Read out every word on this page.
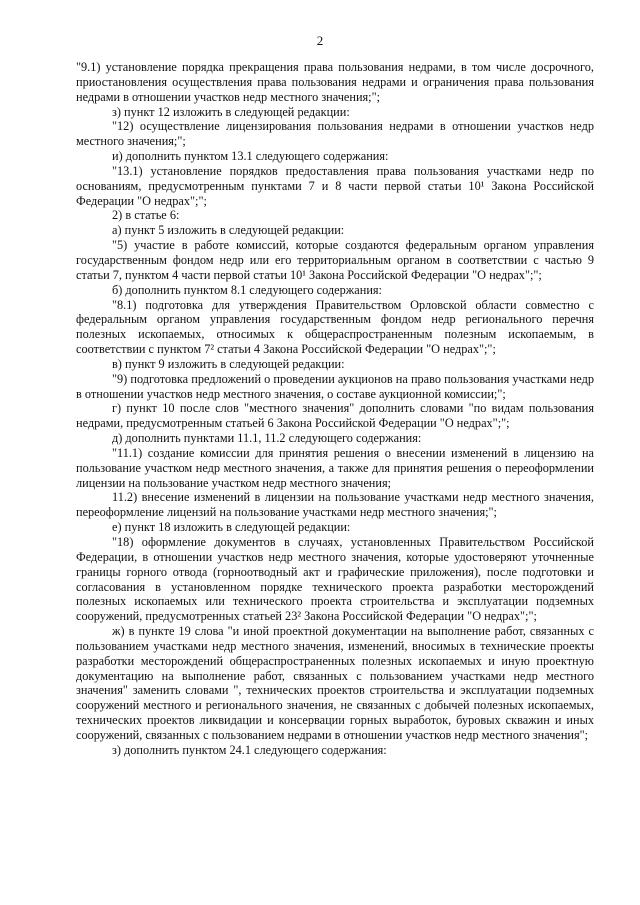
2

"9.1) установление порядка прекращения права пользования недрами, в том числе досрочного, приостановления осуществления права пользования недрами и ограничения права пользования недрами в отношении участков недр местного значения;";

з) пункт 12 изложить в следующей редакции:

"12) осуществление лицензирования пользования недрами в отношении участков недр местного значения;";

и) дополнить пунктом 13.1 следующего содержания:

"13.1) установление порядков предоставления права пользования участками недр по основаниям, предусмотренным пунктами 7 и 8 части первой статьи 10¹ Закона Российской Федерации "О недрах";";

2) в статье 6:

а) пункт 5 изложить в следующей редакции:

"5) участие в работе комиссий, которые создаются федеральным органом управления государственным фондом недр или его территориальным органом в соответствии с частью 9 статьи 7, пунктом 4 части первой статьи 10¹ Закона Российской Федерации "О недрах";";

б) дополнить пунктом 8.1 следующего содержания:

"8.1) подготовка для утверждения Правительством Орловской области совместно с федеральным органом управления государственным фондом недр регионального перечня полезных ископаемых, относимых к общераспространенным полезным ископаемым, в соответствии с пунктом 7² статьи 4 Закона Российской Федерации "О недрах";";

в) пункт 9 изложить в следующей редакции:

"9) подготовка предложений о проведении аукционов на право пользования участками недр в отношении участков недр местного значения, о составе аукционной комиссии;";

г) пункт 10 после слов "местного значения" дополнить словами "по видам пользования недрами, предусмотренным статьей 6 Закона Российской Федерации "О недрах";";

д) дополнить пунктами 11.1, 11.2 следующего содержания:

"11.1) создание комиссии для принятия решения о внесении изменений в лицензию на пользование участком недр местного значения, а также для принятия решения о переоформлении лицензии на пользование участком недр местного значения;

11.2) внесение изменений в лицензии на пользование участками недр местного значения, переоформление лицензий на пользование участками недр местного значения;";

е) пункт 18 изложить в следующей редакции:

"18) оформление документов в случаях, установленных Правительством Российской Федерации, в отношении участков недр местного значения, которые удостоверяют уточненные границы горного отвода (горноотводный акт и графические приложения), после подготовки и согласования в установленном порядке технического проекта разработки месторождений полезных ископаемых или технического проекта строительства и эксплуатации подземных сооружений, предусмотренных статьей 23² Закона Российской Федерации "О недрах";";

ж) в пункте 19 слова "и иной проектной документации на выполнение работ, связанных с пользованием участками недр местного значения, изменений, вносимых в технические проекты разработки месторождений общераспространенных полезных ископаемых и иную проектную документацию на выполнение работ, связанных с пользованием участками недр местного значения" заменить словами ", технических проектов строительства и эксплуатации подземных сооружений местного и регионального значения, не связанных с добычей полезных ископаемых, технических проектов ликвидации и консервации горных выработок, буровых скважин и иных сооружений, связанных с пользованием недрами в отношении участков недр местного значения";

з) дополнить пунктом 24.1 следующего содержания:
